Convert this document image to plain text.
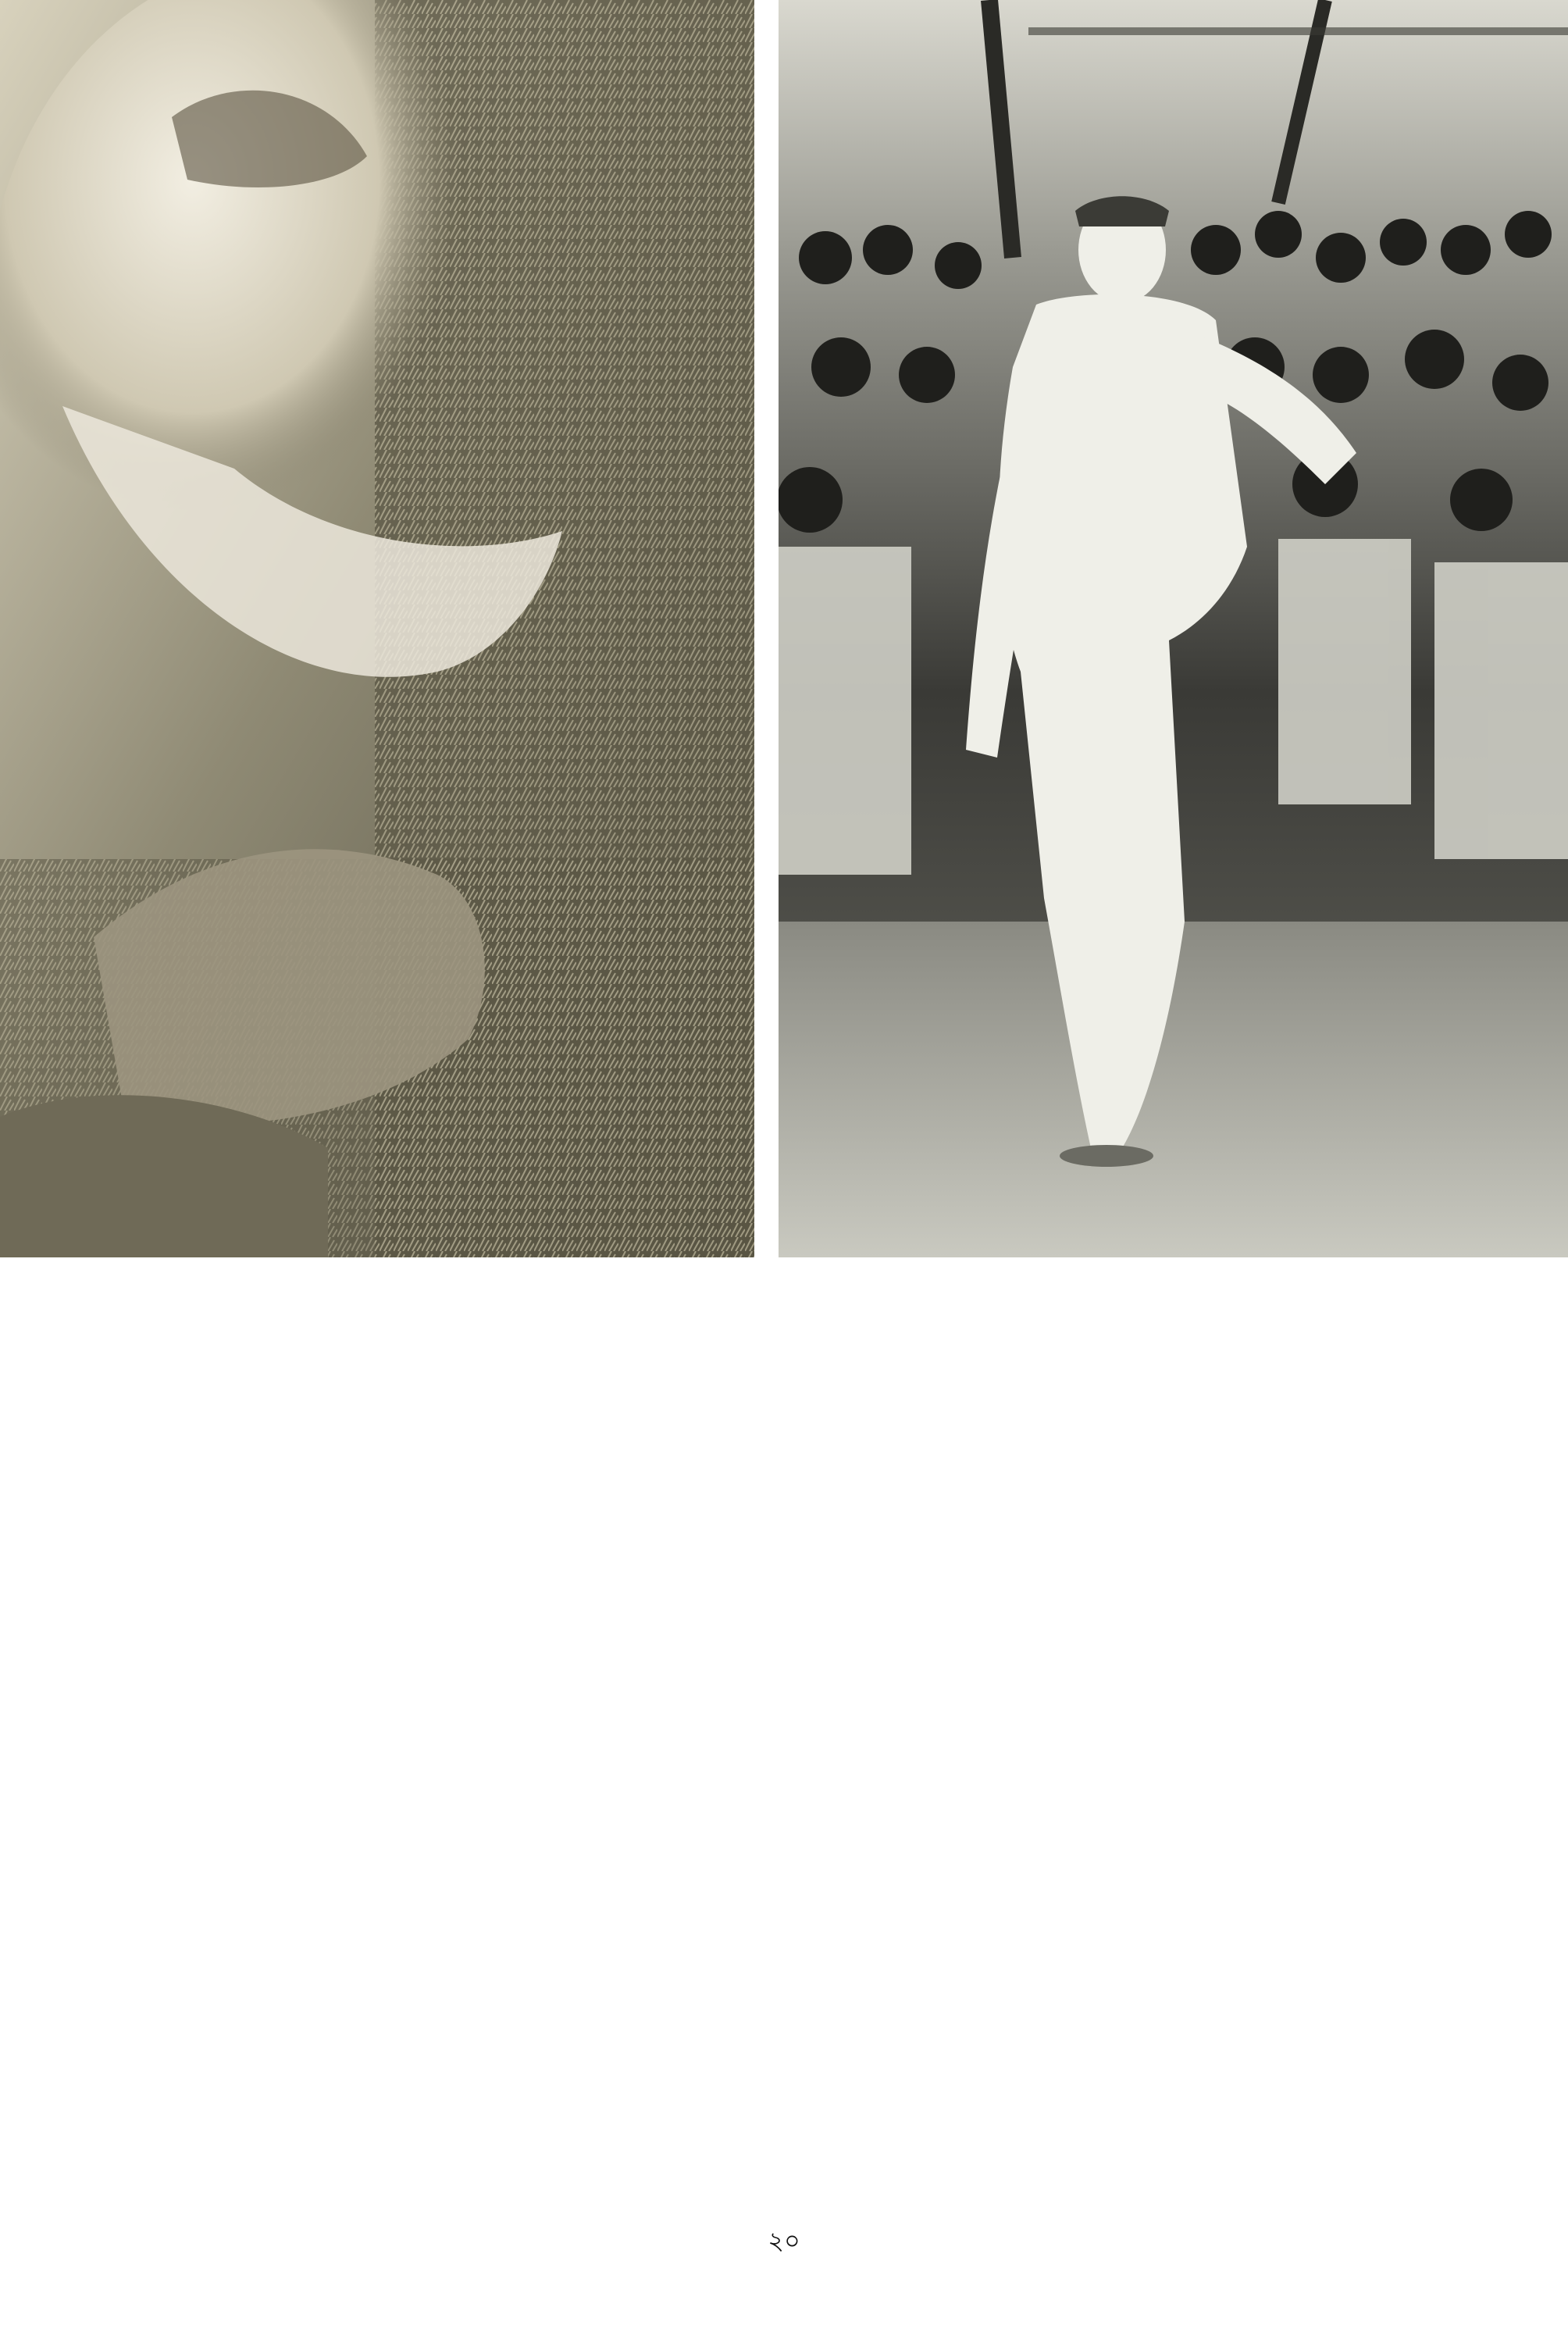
২০
